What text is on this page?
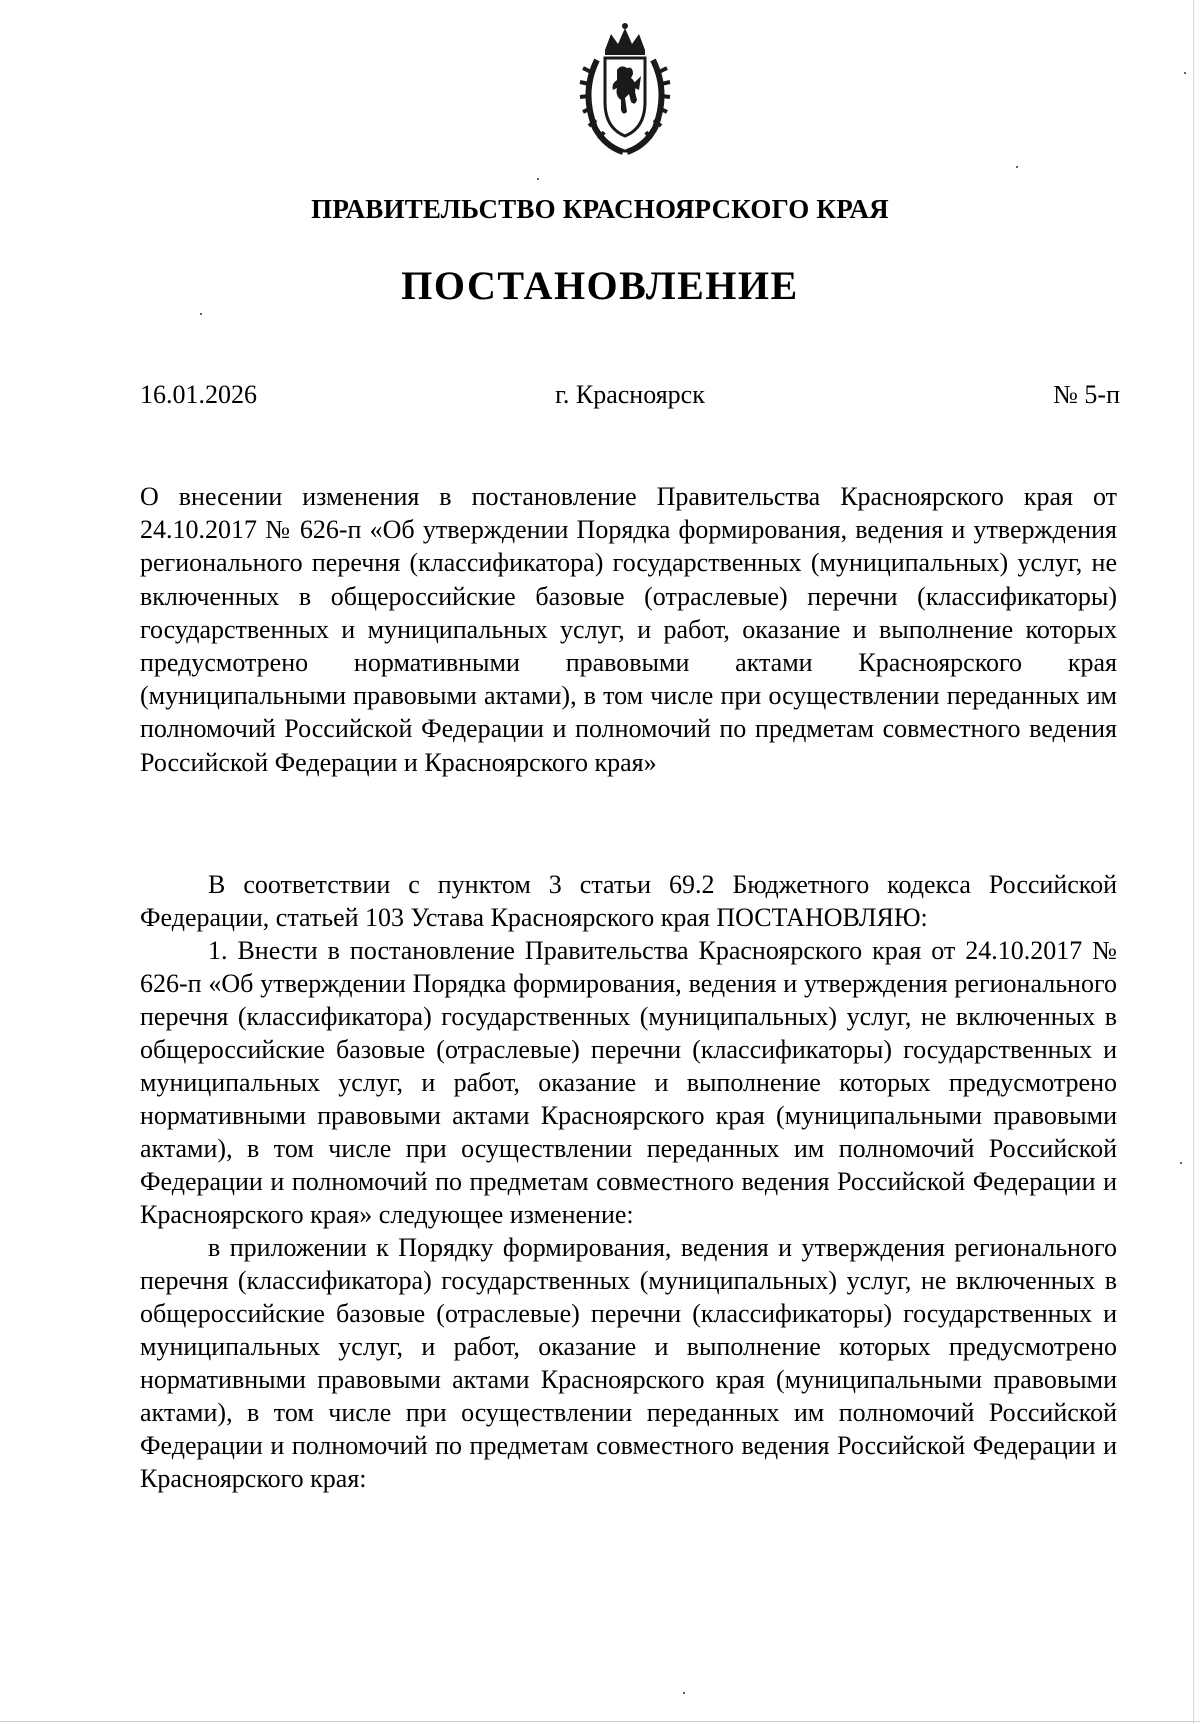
ПРАВИТЕЛЬСТВО КРАСНОЯРСКОГО КРАЯ
ПОСТАНОВЛЕНИЕ
16.01.2026	г. Красноярск	№ 5-п
О внесении изменения в постановление Правительства Красноярского края от 24.10.2017 № 626-п «Об утверждении Порядка формирования, ведения и утверждения регионального перечня (классификатора) государственных (муниципальных) услуг, не включенных в общероссийские базовые (отраслевые) перечни (классификаторы) государственных и муниципальных услуг, и работ, оказание и выполнение которых предусмотрено нормативными правовыми актами Красноярского края (муниципальными правовыми актами), в том числе при осуществлении переданных им полномочий Российской Федерации и полномочий по предметам совместного ведения Российской Федерации и Красноярского края»

В соответствии с пунктом 3 статьи 69.2 Бюджетного кодекса Российской Федерации, статьей 103 Устава Красноярского края ПОСТАНОВЛЯЮ:

1. Внести в постановление Правительства Красноярского края от 24.10.2017 № 626-п «Об утверждении Порядка формирования, ведения и утверждения регионального перечня (классификатора) государственных (муниципальных) услуг, не включенных в общероссийские базовые (отраслевые) перечни (классификаторы) государственных и муниципальных услуг, и работ, оказание и выполнение которых предусмотрено нормативными правовыми актами Красноярского края (муниципальными правовыми актами), в том числе при осуществлении переданных им полномочий Российской Федерации и полномочий по предметам совместного ведения Российской Федерации и Красноярского края» следующее изменение:

в приложении к Порядку формирования, ведения и утверждения регионального перечня (классификатора) государственных (муниципальных) услуг, не включенных в общероссийские базовые (отраслевые) перечни (классификаторы) государственных и муниципальных услуг, и работ, оказание и выполнение которых предусмотрено нормативными правовыми актами Красноярского края (муниципальными правовыми актами), в том числе при осуществлении переданных им полномочий Российской Федерации и полномочий по предметам совместного ведения Российской Федерации и Красноярского края:
